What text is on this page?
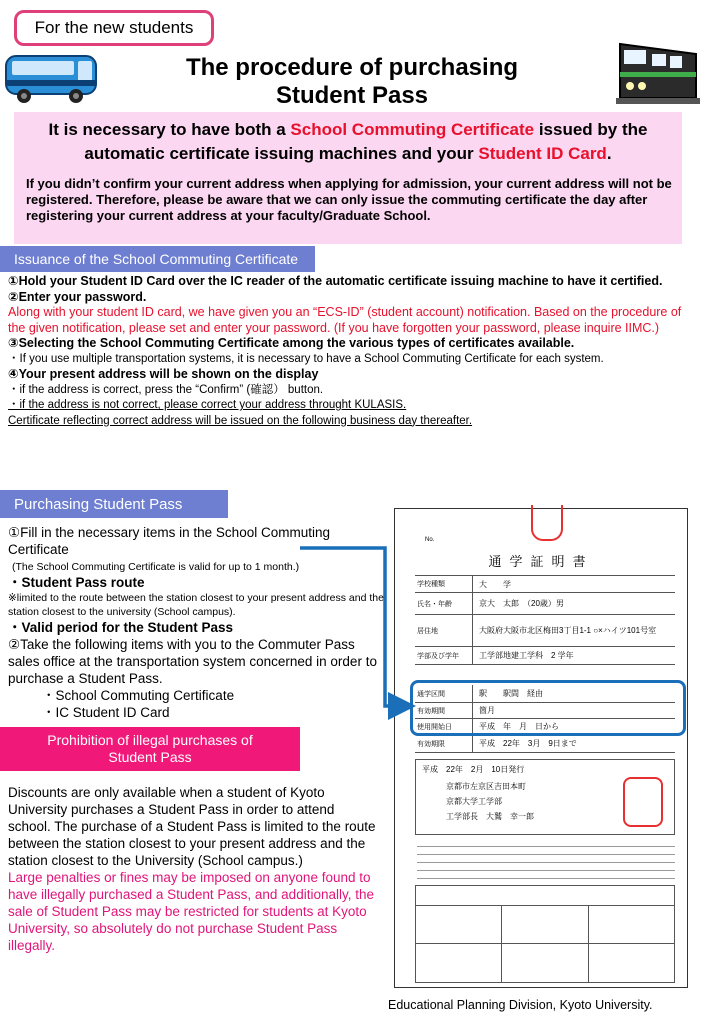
For the new students
The procedure of purchasing
Student Pass
It is necessary to have both a School Commuting Certificate issued by the automatic certificate issuing machines and your Student ID Card.
If you didn’t confirm your current address when applying for admission, your current address will not be registered. Therefore, please be aware that we can only issue the commuting certificate the day after registering your current address at your faculty/Graduate School.
Issuance of the School Commuting Certificate
①Hold your Student ID Card over the IC reader of the automatic certificate issuing machine to have it certified.
②Enter your password.
Along with your student ID card, we have given you an “ECS-ID” (student account) notification. Based on the procedure of the given notification, please set and enter your password. (If you have forgotten your password, please inquire IIMC.)
③Selecting the School Commuting Certificate among the various types of certificates available.
・If you use multiple transportation systems, it is necessary to have a School Commuting Certificate for each system.
④Your present address will be shown on the display
・if the address is correct, press the “Confirm” (確認） button.
・if the address is not correct, please correct your address throught KULASIS.
Certificate reflecting correct address will be issued on the following business day thereafter.
Purchasing Student Pass
①Fill in the necessary items in the School Commuting Certificate
(The School Commuting Certificate is valid for up to 1 month.)
・Student Pass route
※limited to the route between the station closest to your present address and the station closest to the university (School campus).
・Valid period for the Student Pass
②Take the following items with you to the Commuter Pass sales office at the transportation system concerned in order to purchase a Student Pass.
・School Commuting Certificate
・IC Student ID Card
Prohibition of illegal purchases of
Student Pass
Discounts are only available when a student of Kyoto University purchases a Student Pass in order to attend school. The purchase of a Student Pass is limited to the route between the station closest to your present address and the station closest to the University (School campus.)
Large penalties or fines may be imposed on anyone found to have illegally purchased a Student Pass, and additionally, the sale of Student Pass may be restricted for students at Kyoto University, so absolutely do not purchase Student Pass illegally.
No.
通学証明書
学校種類	大　　学
氏名・年齢	京大　太郎　（20歳）男
居住地	大阪府大阪市北区梅田3丁目1-1 ○×ハイツ101号室
学部及び学年	工学部地建工学科　2 学年
通学区間	駅　　駅間　経由
有効期間	箇月
使用開始日	平成　年　月　日から
有効期限	平成　22年　3月　9日まで
平成　22年　2月　10日発行
京都市左京区吉田本町
京都大学工学部
工学部長　大鷲　幸一郎
Educational Planning Division, Kyoto University.
